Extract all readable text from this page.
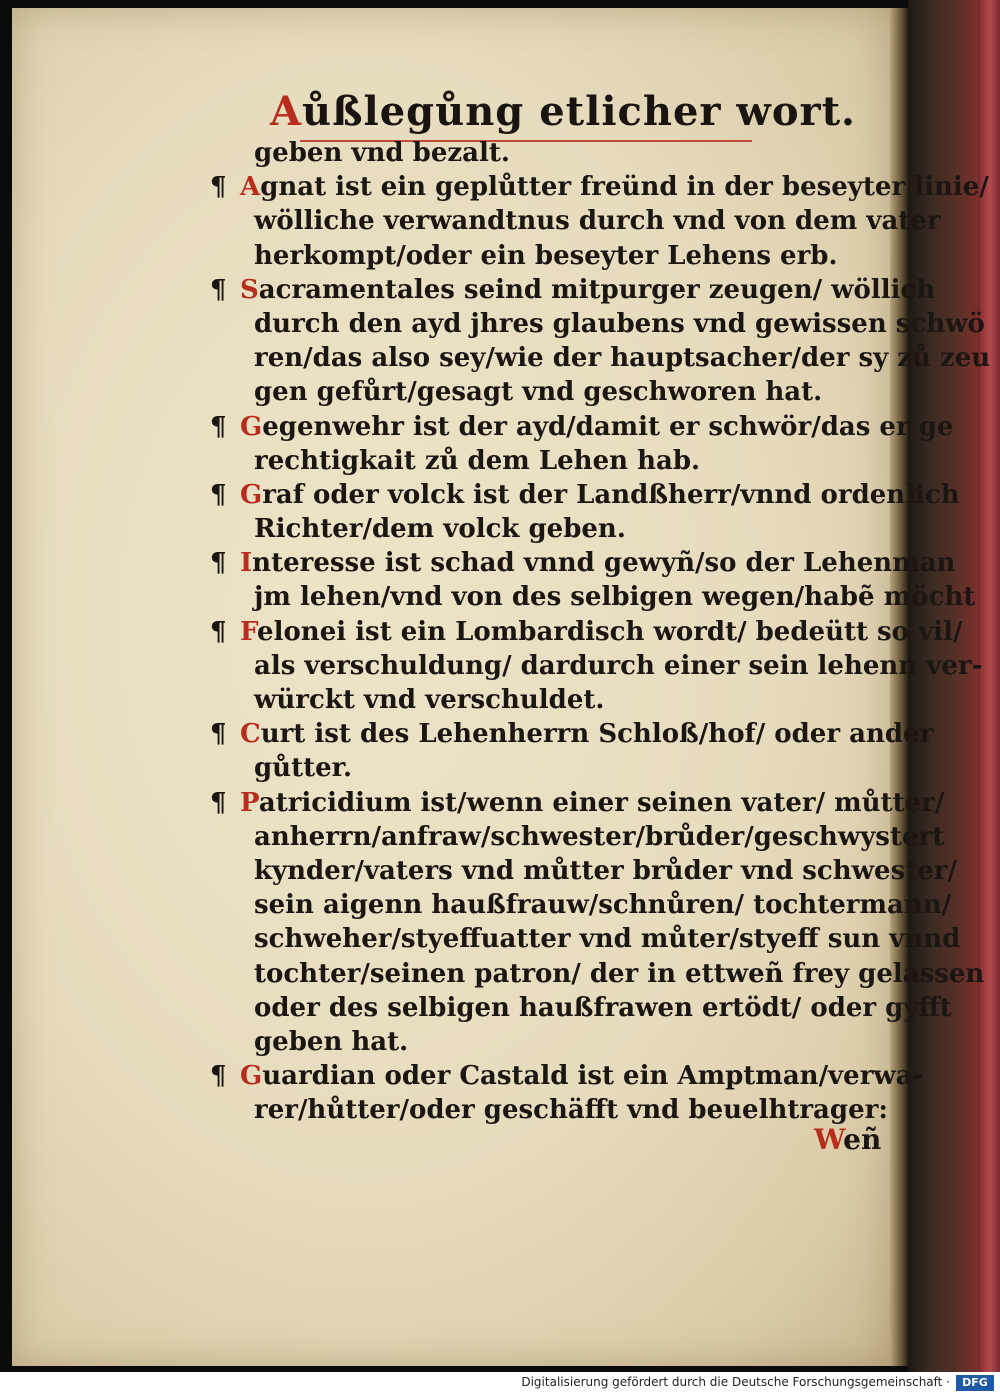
Aůßlegůng etlicher wort.
geben vnd bezalt.
¶ Agnat ist ein geplůtter freünd in der beseyter linie/
wölliche verwandtnus durch vnd von dem vater
herkompt/oder ein beseyter Lehens erb.
¶ Sacramentales seind mitpurger zeugen/ wöllich
durch den ayd jhres glaubens vnd gewissen schwö
ren/das also sey/wie der hauptsacher/der sy zů zeu
gen gefůrt/gesagt vnd geschworen hat.
¶ Gegenwehr ist der ayd/damit er schwör/das er ge
rechtigkait zů dem Lehen hab.
¶ Graf oder volck ist der Landßherr/vnnd ordenlich
Richter/dem volck geben.
¶ Interesse ist schad vnnd gewyñ/so der Lehenman
jm lehen/vnd von des selbigen wegen/habẽ möcht
¶ Felonei ist ein Lombardisch wordt/ bedeütt so vil/
als verschuldung/ dardurch einer sein lehenn ver-
würckt vnd verschuldet.
¶ Curt ist des Lehenherrn Schloß/hof/ oder ander
gůtter.
¶ Patricidium ist/wenn einer seinen vater/ můtter/
anherrn/anfraw/schwester/brůder/geschwystert
kynder/vaters vnd můtter brůder vnd schwester/
sein aigenn haußfrauw/schnůren/ tochtermann/
schweher/styeffuatter vnd můter/styeff sun vnnd
tochter/seinen patron/ der in ettweñ frey gelassen
oder des selbigen haußfrawen ertödt/ oder gyfft
geben hat.
¶ Guardian oder Castald ist ein Amptman/verwa-
rer/hůtter/oder geschäfft vnd beuelhtrager:
Weñ
Digitalisierung gefördert durch die Deutsche Forschungsgemeinschaft ·	DFG
